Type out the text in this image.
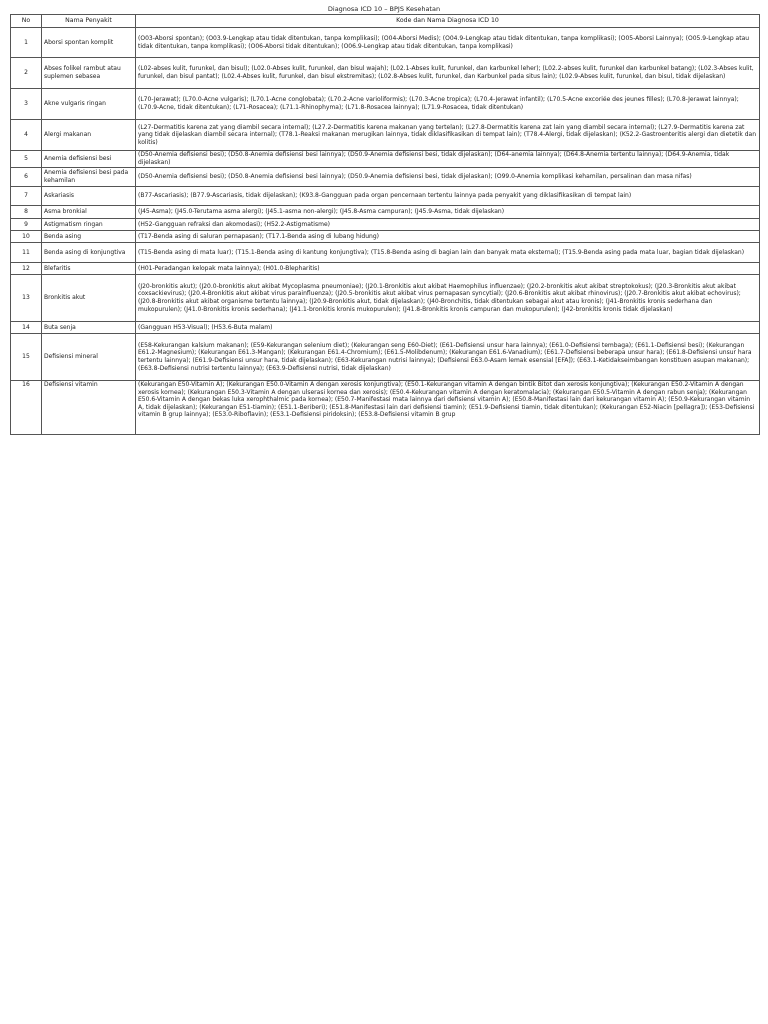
Diagnosa ICD 10 – BPJS Kesehatan
No	Nama Penyakit	Kode dan Nama Diagnosa ICD 10
1	Aborsi spontan komplit	(O03-Aborsi spontan); (O03.9-Lengkap atau tidak ditentukan, tanpa komplikasi); (O04-Aborsi Medis); (O04.9-Lengkap atau tidak ditentukan, tanpa komplikasi); (O05-Aborsi Lainnya); (O05.9-Lengkap atau tidak ditentukan, tanpa komplikasi); (O06-Aborsi tidak ditentukan); (O06.9-Lengkap atau tidak ditentukan, tanpa komplikasi)
2	Abses folikel rambut atau suplemen sebasea	(L02-abses kulit, furunkel, dan bisul); (L02.0-Abses kulit, furunkel, dan bisul wajah); (L02.1-Abses kulit, furunkel, dan karbunkel leher); (L02.2-abses kulit, furunkel dan karbunkel batang); (L02.3-Abses kulit, furunkel, dan bisul pantat); (L02.4-Abses kulit, furunkel, dan bisul ekstremitas); (L02.8-Abses kulit, furunkel, dan Karbunkel pada situs lain); (L02.9-Abses kulit, furunkel, dan bisul, tidak dijelaskan)
3	Akne vulgaris ringan	(L70-Jerawat); (L70.0-Acne vulgaris); (L70.1-Acne conglobata); (L70.2-Acne varioliformis); (L70.3-Acne tropica); (L70.4-Jerawat infantil); (L70.5-Acne excoriée des jeunes filles); (L70.8-Jerawat lainnya); (L70.9-Acne, tidak ditentukan); (L71-Rosacea); (L71.1-Rhinophyma); (L71.8-Rosacea lainnya); (L71.9-Rosacea, tidak ditentukan)
4	Alergi makanan	(L27-Dermatitis karena zat yang diambil secara internal); (L27.2-Dermatitis karena makanan yang tertelan); (L27.8-Dermatitis karena zat lain yang diambil secara internal); (L27.9-Dermatitis karena zat yang tidak dijelaskan diambil secara internal); (T78.1-Reaksi makanan merugikan lainnya, tidak diklasifikasikan di tempat lain); (T78.4-Alergi, tidak dijelaskan); (K52.2-Gastroenteritis alergi dan dietetik dan kolitis)
5	Anemia defisiensi besi	(D50-Anemia defisiensi besi); (D50.8-Anemia defisiensi besi lainnya); (D50.9-Anemia defisiensi besi, tidak dijelaskan); (D64-anemia lainnya); (D64.8-Anemia tertentu lainnya); (D64.9-Anemia, tidak dijelaskan)
6	Anemia defisiensi besi pada kehamilan	(D50-Anemia defisiensi besi); (D50.8-Anemia defisiensi besi lainnya); (D50.9-Anemia defisiensi besi, tidak dijelaskan); (O99.0-Anemia komplikasi kehamilan, persalinan dan masa nifas)
7	Askariasis	(B77-Ascariasis); (B77.9-Ascariasis, tidak dijelaskan); (K93.8-Gangguan pada organ pencernaan tertentu lainnya pada penyakit yang diklasifikasikan di tempat lain)
8	Asma bronkial	(J45-Asma); (J45.0-Terutama asma alergi); (J45.1-asma non-alergi); (J45.8-Asma campuran); (J45.9-Asma, tidak dijelaskan)
9	Astigmatism ringan	(H52-Gangguan refraksi dan akomodasi); (H52.2-Astigmatisme)
10	Benda asing	(T17-Benda asing di saluran pernapasan); (T17.1-Benda asing di lubang hidung)
11	Benda asing di konjungtiva	(T15-Benda asing di mata luar); (T15.1-Benda asing di kantung konjungtiva); (T15.8-Benda asing di bagian lain dan banyak mata eksternal); (T15.9-Benda asing pada mata luar, bagian tidak dijelaskan)
12	Blefaritis	(H01-Peradangan kelopak mata lainnya); (H01.0-Blepharitis)
13	Bronkitis akut	(J20-bronkitis akut); (J20.0-bronkitis akut akibat Mycoplasma pneumoniae); (J20.1-Bronkitis akut akibat Haemophilus influenzae); (J20.2-bronkitis akut akibat streptokokus); (J20.3-Bronkitis akut akibat coxsackievirus); (J20.4-Bronkitis akut akibat virus parainfluenza); (J20.5-bronkitis akut akibat virus pernapasan syncytial); (J20.6-Bronkitis akut akibat rhinovirus); (J20.7-Bronkitis akut akibat echovirus); (J20.8-Bronkitis akut akibat organisme tertentu lainnya); (J20.9-Bronkitis akut, tidak dijelaskan); (J40-Bronchitis, tidak ditentukan sebagai akut atau kronis); (J41-Bronkitis kronis sederhana dan mukopurulen); (J41.0-Bronkitis kronis sederhana); (J41.1-bronkitis kronis mukopurulen); (J41.8-Bronkitis kronis campuran dan mukopurulen); (J42-bronkitis kronis tidak dijelaskan)
14	Buta senja	(Gangguan H53-Visual); (H53.6-Buta malam)
15	Defisiensi mineral	(E58-Kekurangan kalsium makanan); (E59-Kekurangan selenium diet); (Kekurangan seng E60-Diet); (E61-Defisiensi unsur hara lainnya); (E61.0-Defisiensi tembaga); (E61.1-Defisiensi besi); (Kekurangan E61.2-Magnesium); (Kekurangan E61.3-Mangan); (Kekurangan E61.4-Chromium); (E61.5-Molibdenum); (Kekurangan E61.6-Vanadium); (E61.7-Defisiensi beberapa unsur hara); (E61.8-Defisiensi unsur hara tertentu lainnya); (E61.9-Defisiensi unsur hara, tidak dijelaskan); (E63-Kekurangan nutrisi lainnya); (Defisiensi E63.0-Asam lemak esensial [EFA]); (E63.1-Ketidakseimbangan konstituen asupan makanan); (E63.8-Defisiensi nutrisi tertentu lainnya); (E63.9-Defisiensi nutrisi, tidak dijelaskan)
16	Defisiensi vitamin	(Kekurangan E50-Vitamin A); (Kekurangan E50.0-Vitamin A dengan xerosis konjungtiva); (E50.1-Kekurangan vitamin A dengan bintik Bitot dan xerosis konjungtiva); (Kekurangan E50.2-Vitamin A dengan xerosis kornea); (Kekurangan E50.3-Vitamin A dengan ulserasi kornea dan xerosis); (E50.4-Kekurangan vitamin A dengan keratomalacia); (Kekurangan E50.5-Vitamin A dengan rabun senja); (Kekurangan E50.6-Vitamin A dengan bekas luka xerophthalmic pada kornea); (E50.7-Manifestasi mata lainnya dari defisiensi vitamin A); (E50.8-Manifestasi lain dari kekurangan vitamin A); (E50.9-Kekurangan vitamin A, tidak dijelaskan); (Kekurangan E51-tiamin); (E51.1-Beriberi); (E51.8-Manifestasi lain dari defisiensi tiamin); (E51.9-Defisiensi tiamin, tidak ditentukan); (Kekurangan E52-Niacin [pellagra]); (E53-Defisiensi vitamin B grup lainnya); (E53.0-Riboflavin); (E53.1-Defisiensi piridoksin); (E53.8-Defisiensi vitamin B grup
